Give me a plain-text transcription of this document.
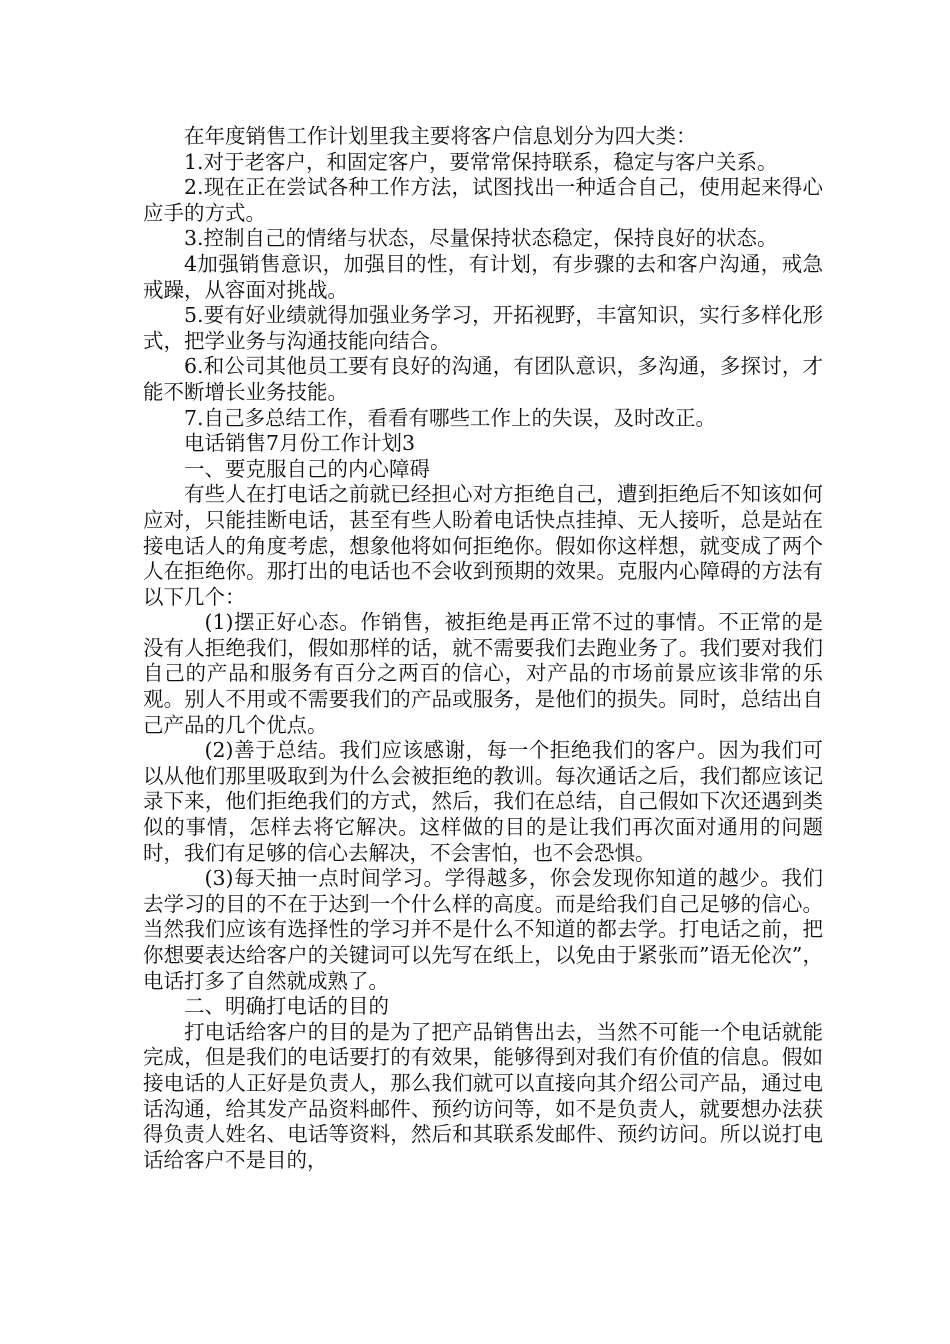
在年度销售工作计划里我主要将客户信息划分为四大类：

1.对于老客户，和固定客户，要常常保持联系，稳定与客户关系。

2.现在正在尝试各种工作方法，试图找出一种适合自己，使用起来得心应手的方式。

3.控制自己的情绪与状态，尽量保持状态稳定，保持良好的状态。

4加强销售意识，加强目的性，有计划，有步骤的去和客户沟通，戒急戒躁，从容面对挑战。

5.要有好业绩就得加强业务学习，开拓视野，丰富知识，实行多样化形式，把学业务与沟通技能向结合。

6.和公司其他员工要有良好的沟通，有团队意识，多沟通，多探讨，才能不断增长业务技能。

7.自己多总结工作，看看有哪些工作上的失误，及时改正。

电话销售7月份工作计划3

一、要克服自己的内心障碍

有些人在打电话之前就已经担心对方拒绝自己，遭到拒绝后不知该如何应对，只能挂断电话，甚至有些人盼着电话快点挂掉、无人接听，总是站在接电话人的角度考虑，想象他将如何拒绝你。假如你这样想，就变成了两个人在拒绝你。那打出的电话也不会收到预期的效果。克服内心障碍的方法有以下几个：

(1)摆正好心态。作销售，被拒绝是再正常不过的事情。不正常的是没有人拒绝我们，假如那样的话，就不需要我们去跑业务了。我们要对我们自己的产品和服务有百分之两百的信心，对产品的市场前景应该非常的乐观。别人不用或不需要我们的产品或服务，是他们的损失。同时，总结出自己产品的几个优点。

(2)善于总结。我们应该感谢，每一个拒绝我们的客户。因为我们可以从他们那里吸取到为什么会被拒绝的教训。每次通话之后，我们都应该记录下来，他们拒绝我们的方式，然后，我们在总结，自己假如下次还遇到类似的事情，怎样去将它解决。这样做的目的是让我们再次面对通用的问题时，我们有足够的信心去解决，不会害怕，也不会恐惧。

(3)每天抽一点时间学习。学得越多，你会发现你知道的越少。我们去学习的目的不在于达到一个什么样的高度。而是给我们自己足够的信心。当然我们应该有选择性的学习并不是什么不知道的都去学。打电话之前，把你想要表达给客户的关键词可以先写在纸上，以免由于紧张而”语无伦次”，电话打多了自然就成熟了。

二、明确打电话的目的

打电话给客户的目的是为了把产品销售出去，当然不可能一个电话就能完成，但是我们的电话要打的有效果，能够得到对我们有价值的信息。假如接电话的人正好是负责人，那么我们就可以直接向其介绍公司产品，通过电话沟通，给其发产品资料邮件、预约访问等，如不是负责人，就要想办法获得负责人姓名、电话等资料，然后和其联系发邮件、预约访问。所以说打电话给客户不是目的，
